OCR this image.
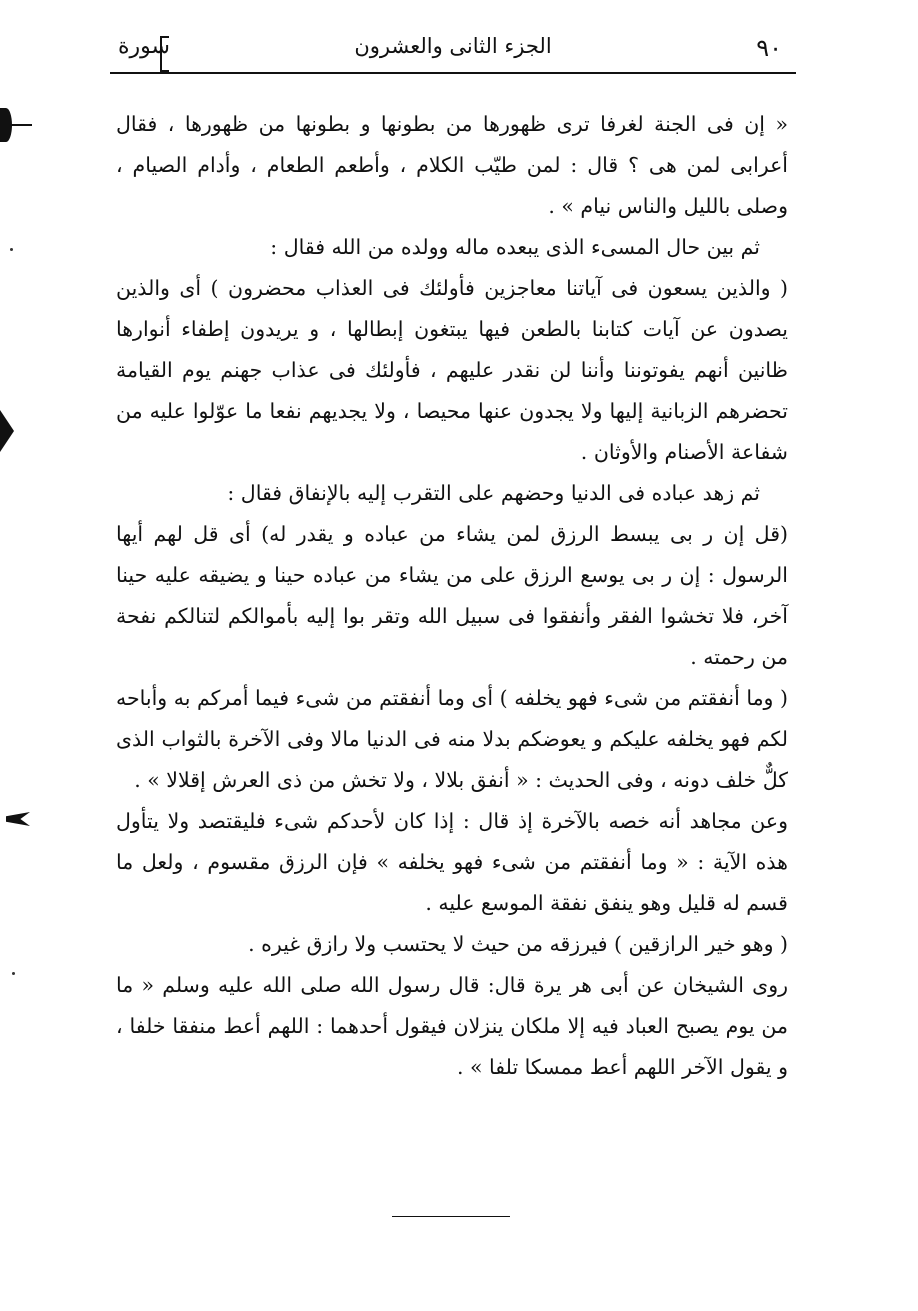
٩٠
الجزء الثانى والعشرون
سورة

« إن فى الجنة لغرفا ترى ظهورها من بطونها و بطونها من ظهورها ، فقال أعرابى لمن هى ؟ قال : لمن طيّب الكلام ، وأطعم الطعام ، وأدام الصيام ، وصلى بالليل والناس نيام » .

ثم بين حال المسىء الذى يبعده ماله وولده من الله فقال :

( والذين يسعون فى آياتنا معاجزين فأولئك فى العذاب محضرون ) أى والذين يصدون عن آيات كتابنا بالطعن فيها يبتغون إبطالها ، و يريدون إطفاء أنوارها ظانين أنهم يفوتوننا وأننا لن نقدر عليهم ، فأولئك فى عذاب جهنم يوم القيامة تحضرهم الزبانية إليها ولا يجدون عنها محيصا ، ولا يجديهم نفعا ما عوّلوا عليه من شفاعة الأصنام والأوثان .

ثم زهد عباده فى الدنيا وحضهم على التقرب إليه بالإنفاق فقال :

(قل إن ر بى يبسط الرزق لمن يشاء من عباده و يقدر له) أى قل لهم أيها الرسول : إن ر بى يوسع الرزق على من يشاء من عباده حينا و يضيقه عليه حينا آخر، فلا تخشوا الفقر وأنفقوا فى سبيل الله وتقر بوا إليه بأموالكم لتنالكم نفحة من رحمته .

( وما أنفقتم من شىء فهو يخلفه ) أى وما أنفقتم من شىء فيما أمركم به وأباحه لكم فهو يخلفه عليكم و يعوضكم بدلا منه فى الدنيا مالا وفى الآخرة بالثواب الذى كلٌّ خلف دونه ، وفى الحديث : « أنفق بلالا ، ولا تخش من ذى العرش إقلالا » .

وعن مجاهد أنه خصه بالآخرة إذ قال : إذا كان لأحدكم شىء فليقتصد ولا يتأول هذه الآية : « وما أنفقتم من شىء فهو يخلفه » فإن الرزق مقسوم ، ولعل ما قسم له قليل وهو ينفق نفقة الموسع عليه .

( وهو خير الرازقين ) فيرزقه من حيث لا يحتسب ولا رازق غيره .

روى الشيخان عن أبى هر يرة قال: قال رسول الله صلى الله عليه وسلم « ما من يوم يصبح العباد فيه إلا ملكان ينزلان فيقول أحدهما : اللهم أعط منفقا خلفا ، و يقول الآخر اللهم أعط ممسكا تلفا » .
